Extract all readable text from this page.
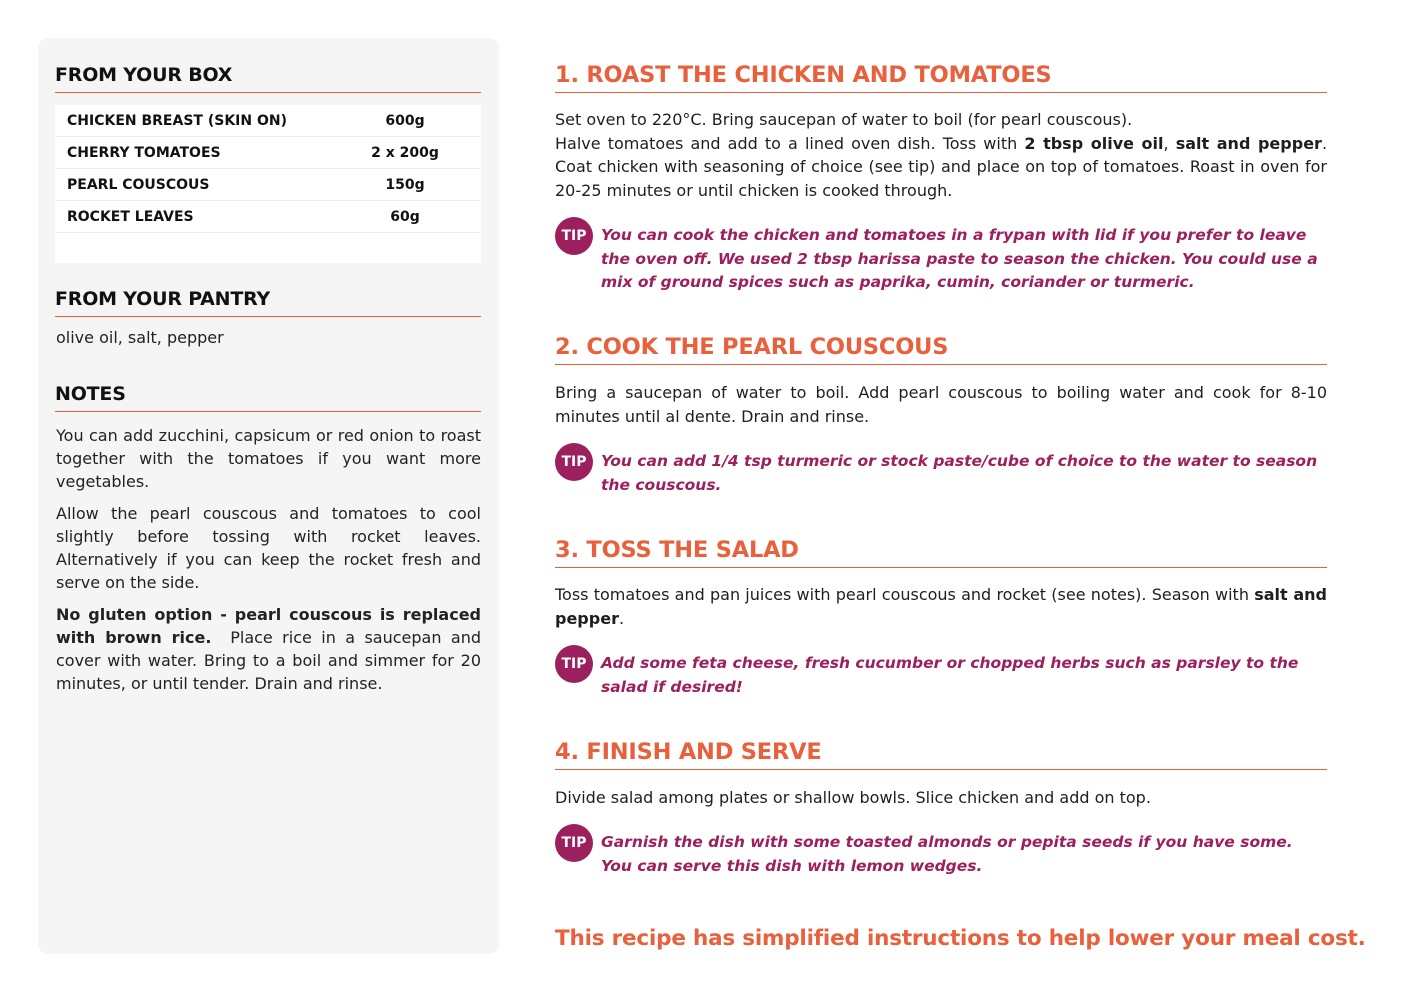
FROM YOUR BOX
CHICKEN BREAST (SKIN ON)	600g
CHERRY TOMATOES	2 x 200g
PEARL COUSCOUS	150g
ROCKET LEAVES	60g
FROM YOUR PANTRY

olive oil, salt, pepper

NOTES

You can add zucchini, capsicum or red onion to roast together with the tomatoes if you want more vegetables.

Allow the pearl couscous and tomatoes to cool slightly before tossing with rocket leaves. Alternatively if you can keep the rocket fresh and serve on the side.

No gluten option - pearl couscous is replaced with brown rice. Place rice in a saucepan and cover with water. Bring to a boil and simmer for 20 minutes, or until tender. Drain and rinse.

1. ROAST THE CHICKEN AND TOMATOES
Set oven to 220°C. Bring saucepan of water to boil (for pearl couscous).
Halve tomatoes and add to a lined oven dish. Toss with 2 tbsp olive oil, salt and pepper. Coat chicken with seasoning of choice (see tip) and place on top of tomatoes. Roast in oven for 20-25 minutes or until chicken is cooked through.
TIP You can cook the chicken and tomatoes in a frypan with lid if you prefer to leave the oven off. We used 2 tbsp harissa paste to season the chicken. You could use a mix of ground spices such as paprika, cumin, coriander or turmeric.

2. COOK THE PEARL COUSCOUS

Bring a saucepan of water to boil. Add pearl couscous to boiling water and cook for 8-10 minutes until al dente. Drain and rinse.

TIP You can add 1/4 tsp turmeric or stock paste/cube of choice to the water to season the couscous.

3. TOSS THE SALAD

Toss tomatoes and pan juices with pearl couscous and rocket (see notes). Season with salt and pepper.

TIP Add some feta cheese, fresh cucumber or chopped herbs such as parsley to the salad if desired!

4. FINISH AND SERVE

Divide salad among plates or shallow bowls. Slice chicken and add on top.

TIP Garnish the dish with some toasted almonds or pepita seeds if you have some. You can serve this dish with lemon wedges.

This recipe has simplified instructions to help lower your meal cost.
